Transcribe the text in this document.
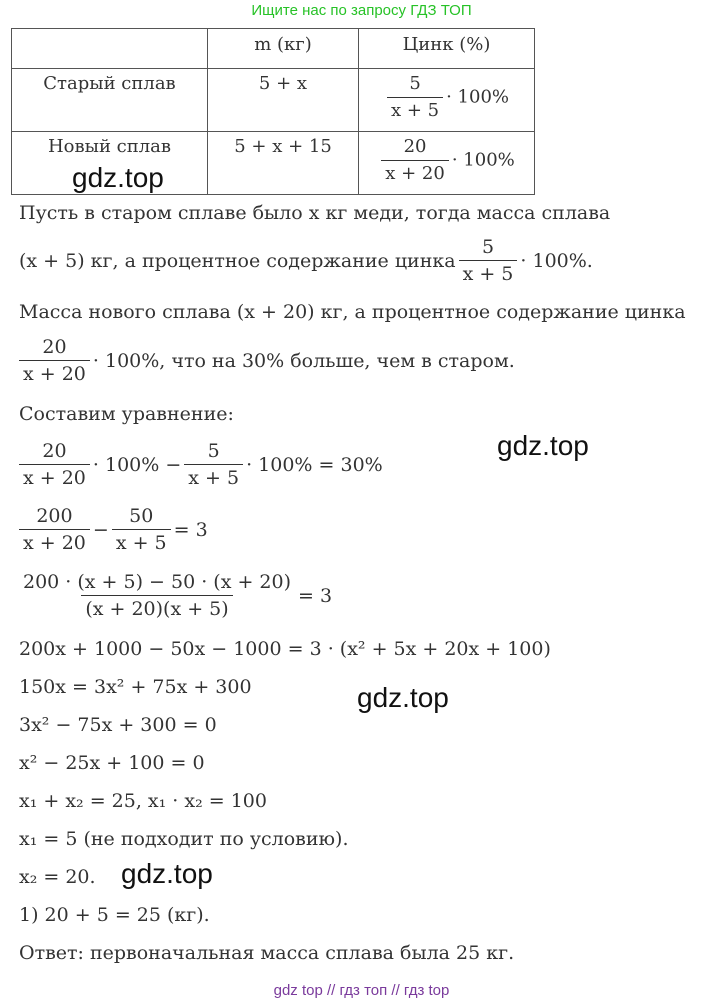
Ищите нас по запросу ГДЗ ТОП
	m (кг)	Цинк (%)
Старый сплав	5 + x	$\frac{5}{x + 5} \cdot 100\%$
Новый сплав	5 + x + 15	$\frac{20}{x + 20} \cdot 100\%$
gdz.top
Пусть в старом сплаве было x кг меди, тогда масса сплава
(x + 5) кг, а процентное содержание цинка $\frac{5}{x + 5} \cdot 100\%$.
Масса нового сплава (x + 20) кг, а процентное содержание цинка
$\frac{20}{x + 20} \cdot 100\%$, что на 30% больше, чем в старом.
Составим уравнение:
gdz.top
$\frac{20}{x + 20} \cdot 100\% - \frac{5}{x + 5} \cdot 100\% = 30\%$
$\frac{200}{x + 20} - \frac{50}{x + 5} = 3$
$\frac{200 \cdot (x + 5) - 50 \cdot (x + 20)}{(x + 20)(x + 5)} = 3$
200x + 1000 − 50x − 1000 = 3 · (x² + 5x + 20x + 100)
150x = 3x² + 75x + 300	gdz.top
3x² − 75x + 300 = 0
x² − 25x + 100 = 0
x₁ + x₂ = 25, x₁ · x₂ = 100
x₁ = 5 (не подходит по условию).
x₂ = 20. gdz.top
1) 20 + 5 = 25 (кг).
Ответ: первоначальная масса сплава была 25 кг.
gdz top // гдз топ // гдз top
